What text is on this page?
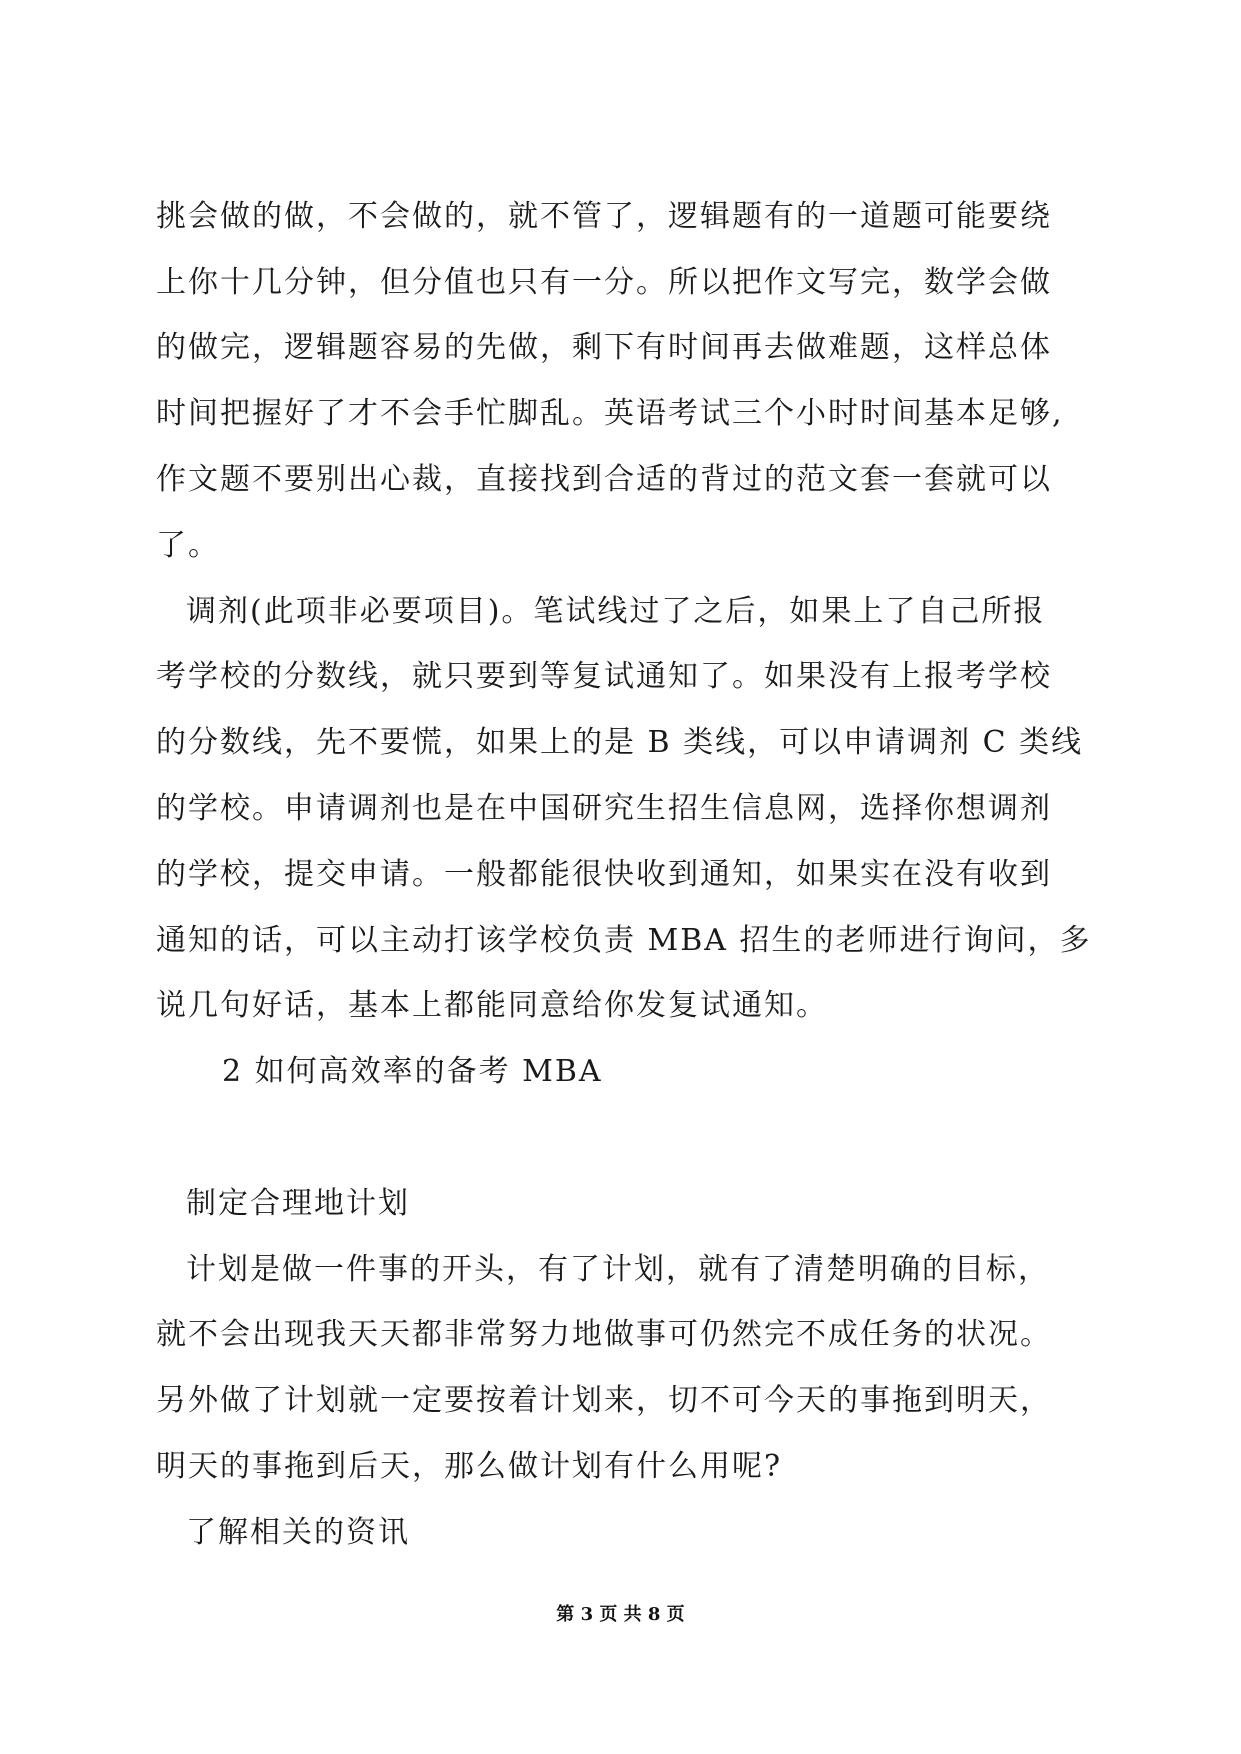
挑会做的做，不会做的，就不管了，逻辑题有的一道题可能要绕
上你十几分钟，但分值也只有一分。所以把作文写完，数学会做
的做完，逻辑题容易的先做，剩下有时间再去做难题，这样总体
时间把握好了才不会手忙脚乱。英语考试三个小时时间基本足够,
作文题不要别出心裁，直接找到合适的背过的范文套一套就可以
了。
调剂(此项非必要项目)。笔试线过了之后，如果上了自己所报
考学校的分数线，就只要到等复试通知了。如果没有上报考学校
的分数线，先不要慌，如果上的是 B 类线，可以申请调剂 C 类线
的学校。申请调剂也是在中国研究生招生信息网，选择你想调剂
的学校，提交申请。一般都能很快收到通知，如果实在没有收到
通知的话，可以主动打该学校负责 MBA 招生的老师进行询问，多
说几句好话，基本上都能同意给你发复试通知。
2 如何高效率的备考 MBA
制定合理地计划
计划是做一件事的开头，有了计划，就有了清楚明确的目标，
就不会出现我天天都非常努力地做事可仍然完不成任务的状况。
另外做了计划就一定要按着计划来，切不可今天的事拖到明天，
明天的事拖到后天，那么做计划有什么用呢?
了解相关的资讯
第 3 页 共 8 页
